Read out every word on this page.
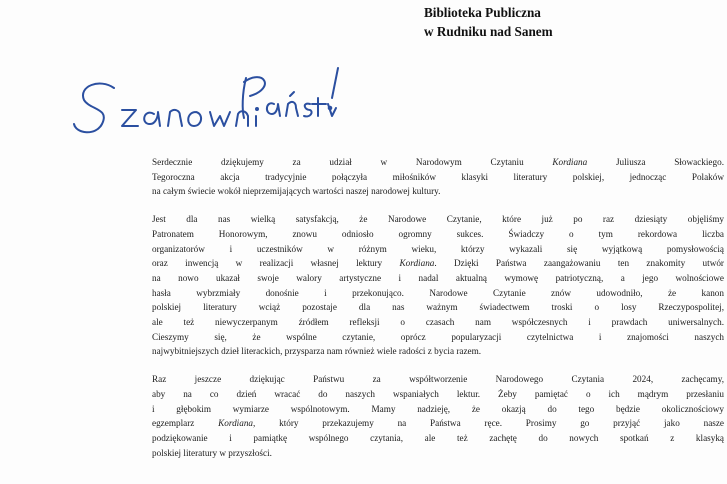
Biblioteka Publiczna
w Rudniku nad Sanem
Serdecznie dziękujemy za udział w Narodowym Czytaniu Kordiana Juliusza Słowackiego.
Tegoroczna akcja tradycyjnie połączyła miłośników klasyki literatury polskiej, jednocząc Polaków
na całym świecie wokół nieprzemijających wartości naszej narodowej kultury.
Jest dla nas wielką satysfakcją, że Narodowe Czytanie, które już po raz dziesiąty objęliśmy
Patronatem Honorowym, znowu odniosło ogromny sukces. Świadczy o tym rekordowa liczba
organizatorów i uczestników w różnym wieku, którzy wykazali się wyjątkową pomysłowością
oraz inwencją w realizacji własnej lektury Kordiana. Dzięki Państwa zaangażowaniu ten znakomity utwór
na nowo ukazał swoje walory artystyczne i nadal aktualną wymowę patriotyczną, a jego wolnościowe
hasła wybrzmiały donośnie i przekonująco. Narodowe Czytanie znów udowodniło, że kanon
polskiej literatury wciąż pozostaje dla nas ważnym świadectwem troski o losy Rzeczypospolitej,
ale też niewyczerpanym źródłem refleksji o czasach nam współczesnych i prawdach uniwersalnych.
Cieszymy się, że wspólne czytanie, oprócz popularyzacji czytelnictwa i znajomości naszych
najwybitniejszych dzieł literackich, przysparza nam również wiele radości z bycia razem.
Raz jeszcze dziękując Państwu za współtworzenie Narodowego Czytania 2024, zachęcamy,
aby na co dzień wracać do naszych wspaniałych lektur. Żeby pamiętać o ich mądrym przesłaniu
i głębokim wymiarze wspólnotowym. Mamy nadzieję, że okazją do tego będzie okolicznościowy
egzemplarz Kordiana, który przekazujemy na Państwa ręce. Prosimy go przyjąć jako nasze
podziękowanie i pamiątkę wspólnego czytania, ale też zachętę do nowych spotkań z klasyką
polskiej literatury w przyszłości.
